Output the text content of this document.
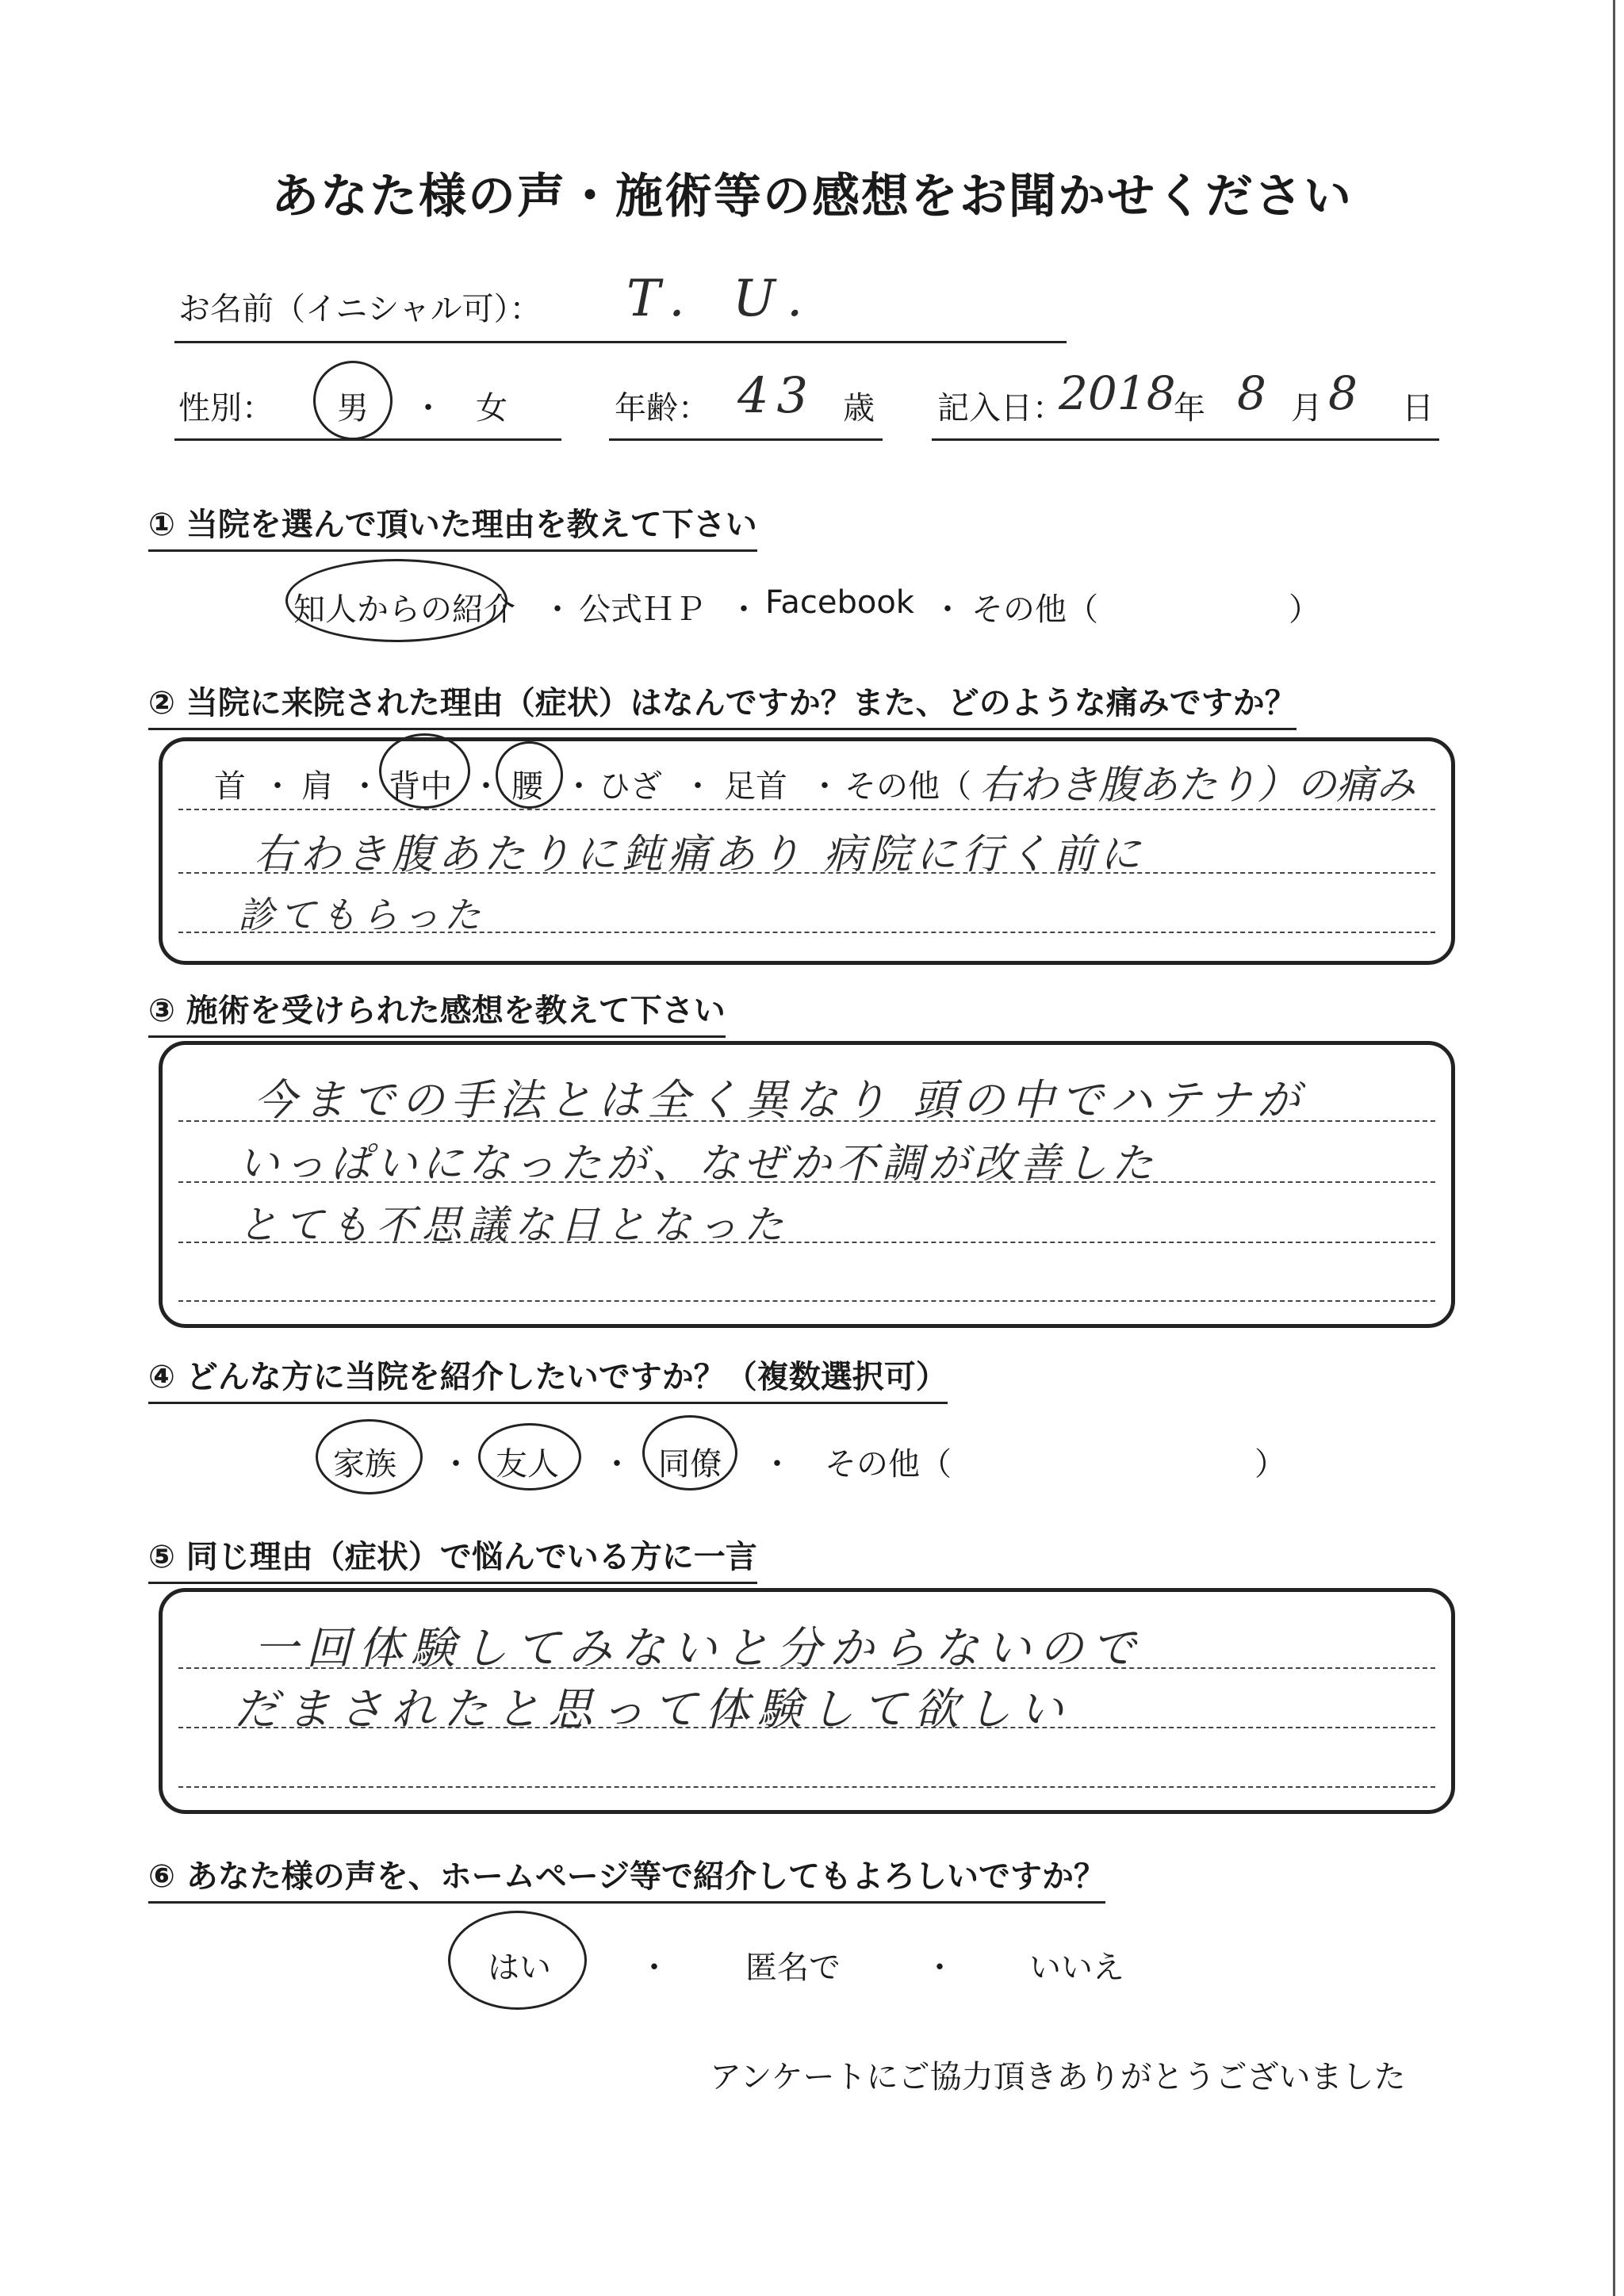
あなた様の声・施術等の感想をお聞かせください
お名前（イニシャル可）： T. U.
性別： 男 ・ 女	年齢： 43 歳 記入日：
2018
年 8 月 8 日
① 当院を選んで頂いた理由を教えて下さい
知人からの紹介 ・ 公式ＨＰ ・ Facebook ・ その他（	）
② 当院に来院された理由（症状）はなんですか？また、どのような痛みですか？
首 ・ 肩 ・ 背中 ・ 腰 ・ ひざ ・ 足首 ・ その他（ 右わき腹あたり）の痛み
右わき腹あたりに鈍痛あり 病院に行く前に
診てもらった
③ 施術を受けられた感想を教えて下さい
今までの手法とは全く異なり 頭の中でハテナが
いっぱいになったが、なぜか不調が改善した
とても不思議な日となった
④ どんな方に当院を紹介したいですか？（複数選択可）
家族 ・ 友人 ・ 同僚 ・ その他（	）
⑤ 同じ理由（症状）で悩んでいる方に一言
一回体験してみないと分からないので
だまされたと思って体験して欲しい
⑥ あなた様の声を、ホームページ等で紹介してもよろしいですか？
はい	・ 匿名で	・ いいえ
アンケートにご協力頂きありがとうございました
